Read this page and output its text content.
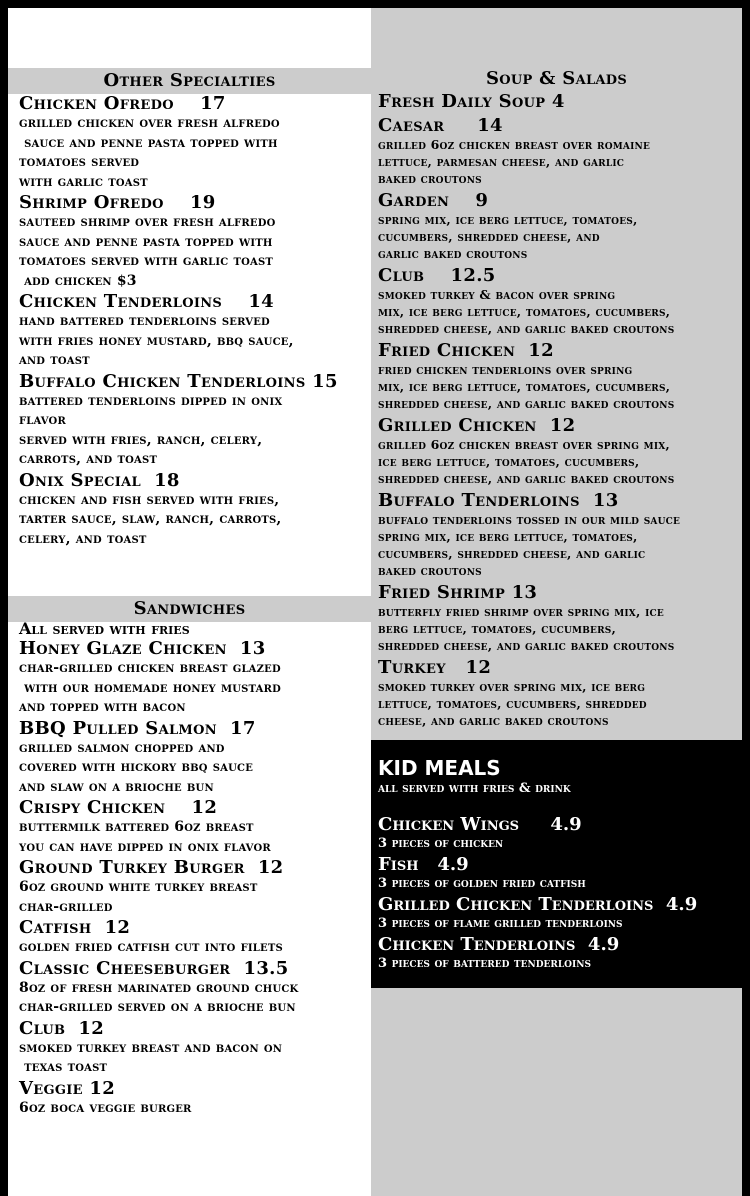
Other Specialties
Chicken Ofredo    17
grilled chicken over fresh alfredo
sauce and penne pasta topped with
tomatoes served
with garlic toast
Shrimp Ofredo    19
sauteed shrimp over fresh alfredo
sauce and penne pasta topped with
tomatoes served with garlic toast
add chicken $3
Chicken Tenderloins    14
hand battered tenderloins served
with fries honey mustard, bbq sauce,
and toast
Buffalo Chicken Tenderloins 15
battered tenderloins dipped in onix
flavor
served with fries, ranch, celery,
carrots, and toast
Onix Special  18
chicken and fish served with fries,
tarter sauce, slaw, ranch, carrots,
celery, and toast
Sandwiches
All served with fries
Honey Glaze Chicken  13
char-grilled chicken breast glazed
with our homemade honey mustard
and topped with bacon
BBQ Pulled Salmon  17
grilled salmon chopped and
covered with hickory bbq sauce
and slaw on a brioche bun
Crispy Chicken    12
buttermilk battered 6oz breast
you can have dipped in onix flavor
Ground Turkey Burger  12
6oz ground white turkey breast
char-grilled
Catfish  12
golden fried catfish cut into filets
Classic Cheeseburger  13.5
8oz of fresh marinated ground chuck
char-grilled served on a brioche bun
Club  12
smoked turkey breast and bacon on
texas toast
Veggie 12
6oz boca veggie burger
Soup & Salads
Fresh Daily Soup 4
Caesar     14
grilled 6oz chicken breast over romaine
lettuce, parmesan cheese, and garlic
baked croutons
Garden    9
spring mix, ice berg lettuce, tomatoes,
cucumbers, shredded cheese, and
garlic baked croutons
Club    12.5
smoked turkey & bacon over spring
mix, ice berg lettuce, tomatoes, cucumbers,
shredded cheese, and garlic baked croutons
Fried Chicken  12
fried chicken tenderloins over spring
mix, ice berg lettuce, tomatoes, cucumbers,
shredded cheese, and garlic baked croutons
Grilled Chicken  12
grilled 6oz chicken breast over spring mix,
ice berg lettuce, tomatoes, cucumbers,
shredded cheese, and garlic baked croutons
Buffalo Tenderloins  13
buffalo tenderloins tossed in our mild sauce
spring mix, ice berg lettuce, tomatoes,
cucumbers, shredded cheese, and garlic
baked croutons
Fried Shrimp 13
butterfly fried shrimp over spring mix, ice
berg lettuce, tomatoes, cucumbers,
shredded cheese, and garlic baked croutons
Turkey   12
smoked turkey over spring mix, ice berg
lettuce, tomatoes, cucumbers, shredded
cheese, and garlic baked croutons
KID MEALS
all served with fries & drink
Chicken Wings     4.9
3 pieces of chicken
Fish   4.9
3 pieces of golden fried catfish
Grilled Chicken Tenderloins  4.9
3 pieces of flame grilled tenderloins
Chicken Tenderloins  4.9
3 pieces of battered tenderloins
